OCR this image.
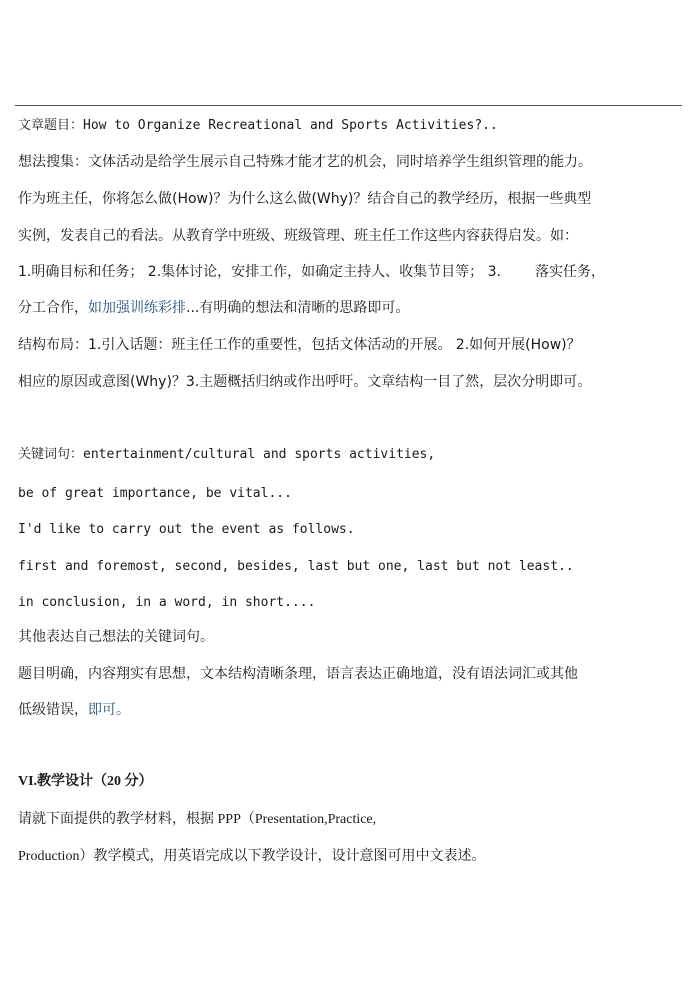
文章题目：How to Organize Recreational and Sports Activities?..
想法搜集：文体活动是给学生展示自己特殊才能才艺的机会，同时培养学生组织管理的能力。
作为班主任，你将怎么做(How)？为什么这么做(Why)？结合自己的教学经历，根据一些典型
实例，发表自己的看法。从教育学中班级、班级管理、班主任工作这些内容获得启发。如：
1.明确目标和任务； 2.集体讨论，安排工作，如确定主持人、收集节目等； 3. 落实任务，
分工合作，如加强训练彩排...有明确的想法和清晰的思路即可。
结构布局：1.引入话题：班主任工作的重要性，包括文体活动的开展。 2.如何开展(How)？
相应的原因或意图(Why)？3.主题概括归纳或作出呼吁。文章结构一目了然，层次分明即可。
关键词句：entertainment/cultural and sports activities,
be of great importance, be vital...
I'd like to carry out the event as follows.
first and foremost, second, besides, last but one, last but not least..
in conclusion, in a word, in short....
其他表达自己想法的关键词句。
题目明确，内容翔实有思想，文本结构清晰条理，语言表达正确地道，没有语法词汇或其他
低级错误，即可。
VI.教学设计（20 分）
请就下面提供的教学材料，根据 PPP（Presentation,Practice,
Production）教学模式，用英语完成以下教学设计，设计意图可用中文表述。
